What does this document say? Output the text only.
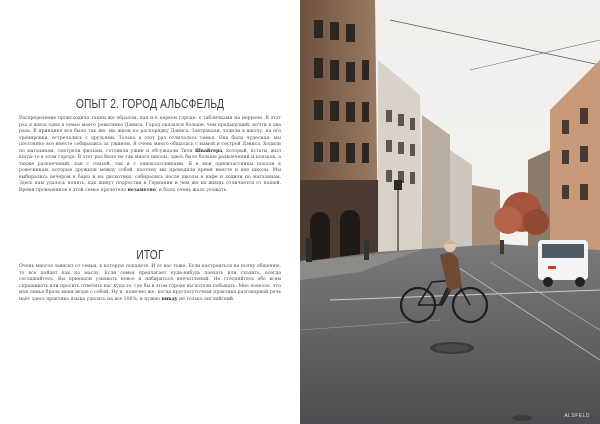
ОПЫТ 2. ГОРОД АЛЬСФЕЛЬД

Распределение происходило таким же образом, как и в первом городе: с табличками на перроне. В этот раз я жила одна в семье моего ровесника Дэниса. Город оказался больше, чем предыдущий, почти в два раза. В принципе все было так же: мы жили по распорядку Дэниса. Завтракали, ходили в школу, на его тренировки, встречались с друзьями. Только в этот раз отличалась семья. Она была чудесная: мы постоянно все вместе собирались за ужином. Я очень много общалась с мамой и сестрой Дэниса. Ходили по магазинам, смотрели фильмы, готовили ужин и обсуждали Тиля Швайгера, который, кстати, жил когда-то в этом городе. В этот раз было не так много школы, здесь было больше развлечений и поездок, а также развлечений, как с семьей, так и с одноклассниками. Я и мои одноклассницы попали к ровесникам, которые дружили между собой, поэтому мы проводили время вместе и вне школы. Мы выбирались вечером в бары и на дискотеки, собирались после школы в кафе и ходили по магазинам. Здесь нам удалось понять, как живут подростки в Германии и чем же их жизнь отличается от нашей. Время проведенное в этой семье пролетело незаметно, и было очень жаль уезжать.

ИТОГ

Очень многое зависит от семьи, к которую попадете. И от вас тоже. Если настроиться на полну общению, то все пойдет как по маслу. Если семья предлагает куда-нибудь поехать или сходить, всегда соглашайтесь. Вы приехали узнавать новое и набираться впечатлений. Не стесняйтесь обо всем спрашивать или просить ответить вас куда-то, где бы в этом городе вы хотели побывать. Мне повезло, что моя семья брала меня везде с собой. Ну и, конечно же, когда круглосуточная практика разговорной речь идёт здесь практика языка удалась на все 100%, и нужно никду не только английский.

ALSFELD
